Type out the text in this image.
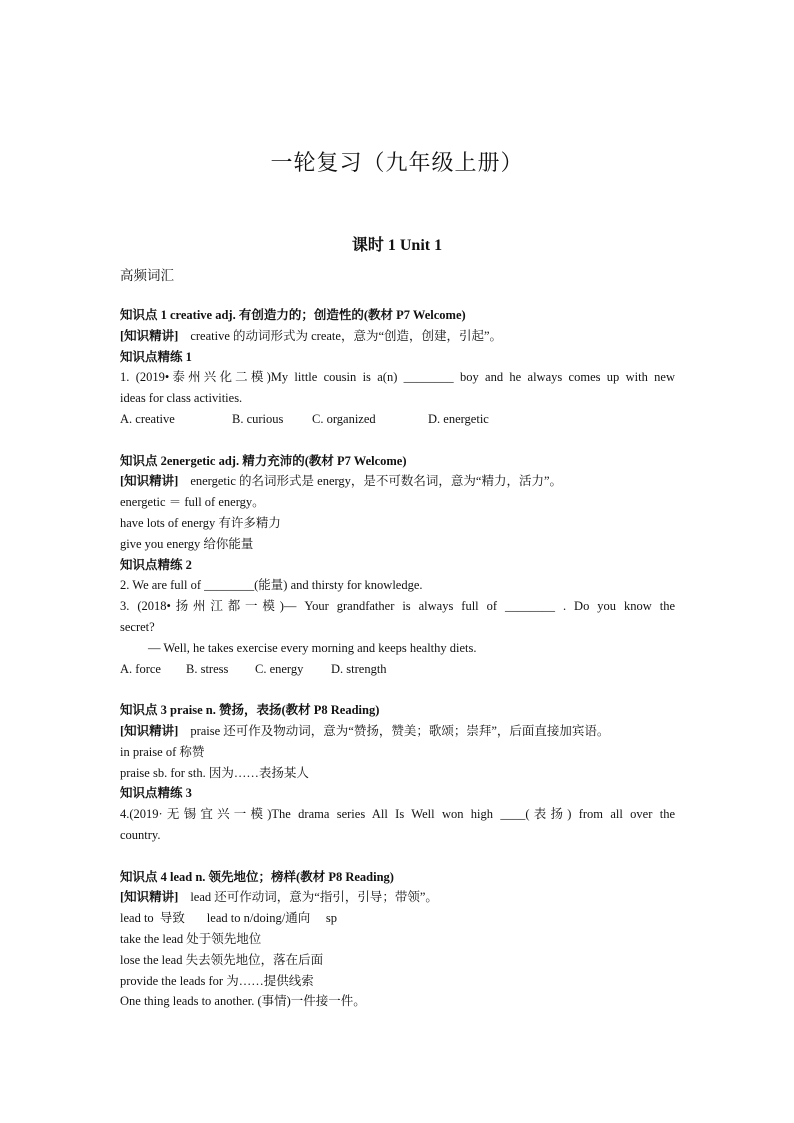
一轮复习（九年级上册）
课时 1 Unit 1
高频词汇
知识点 1 creative adj. 有创造力的；创造性的(教材 P7 Welcome)
[知识精讲] creative 的动词形式为 create，意为“创造，创建，引起”。
知识点精练 1
1. (2019•泰州兴化二模)My little cousin is a(n) ________ boy and he always comes up with new
ideas for class activities.
A. creative	B. curious C. organized	D. energetic
知识点 2energetic adj. 精力充沛的(教材 P7 Welcome)
[知识精讲] energetic 的名词形式是 energy，是不可数名词，意为“精力，活力”。
energetic ＝ full of energy。
have lots of energy 有许多精力
give you energy 给你能量
知识点精练 2
2. We are full of ________(能量) and thirsty for knowledge.
3. (2018•扬州江都一模)— Your grandfather is always full of ________ . Do you know the
secret?
— Well, he takes exercise every morning and keeps healthy diets.
A. force B. stress C. energy D. strength
知识点 3 praise n. 赞扬，表扬(教材 P8 Reading)
[知识精讲] praise 还可作及物动词，意为“赞扬，赞美；歌颂；崇拜”，后面直接加宾语。
in praise of 称赞
praise sb. for sth. 因为……表扬某人
知识点精练 3
4.(2019·无锡宜兴一模)The drama series All Is Well won high ____(表扬) from all over the
country.
知识点 4 lead n. 领先地位；榜样(教材 P8 Reading)
[知识精讲] lead 还可作动词，意为“指引，引导；带领”。
lead to  导致       lead to n/doing/通向     sp
take the lead 处于领先地位
lose the lead 失去领先地位，落在后面
provide the leads for 为……提供线索
One thing leads to another. (事情)一件接一件。
